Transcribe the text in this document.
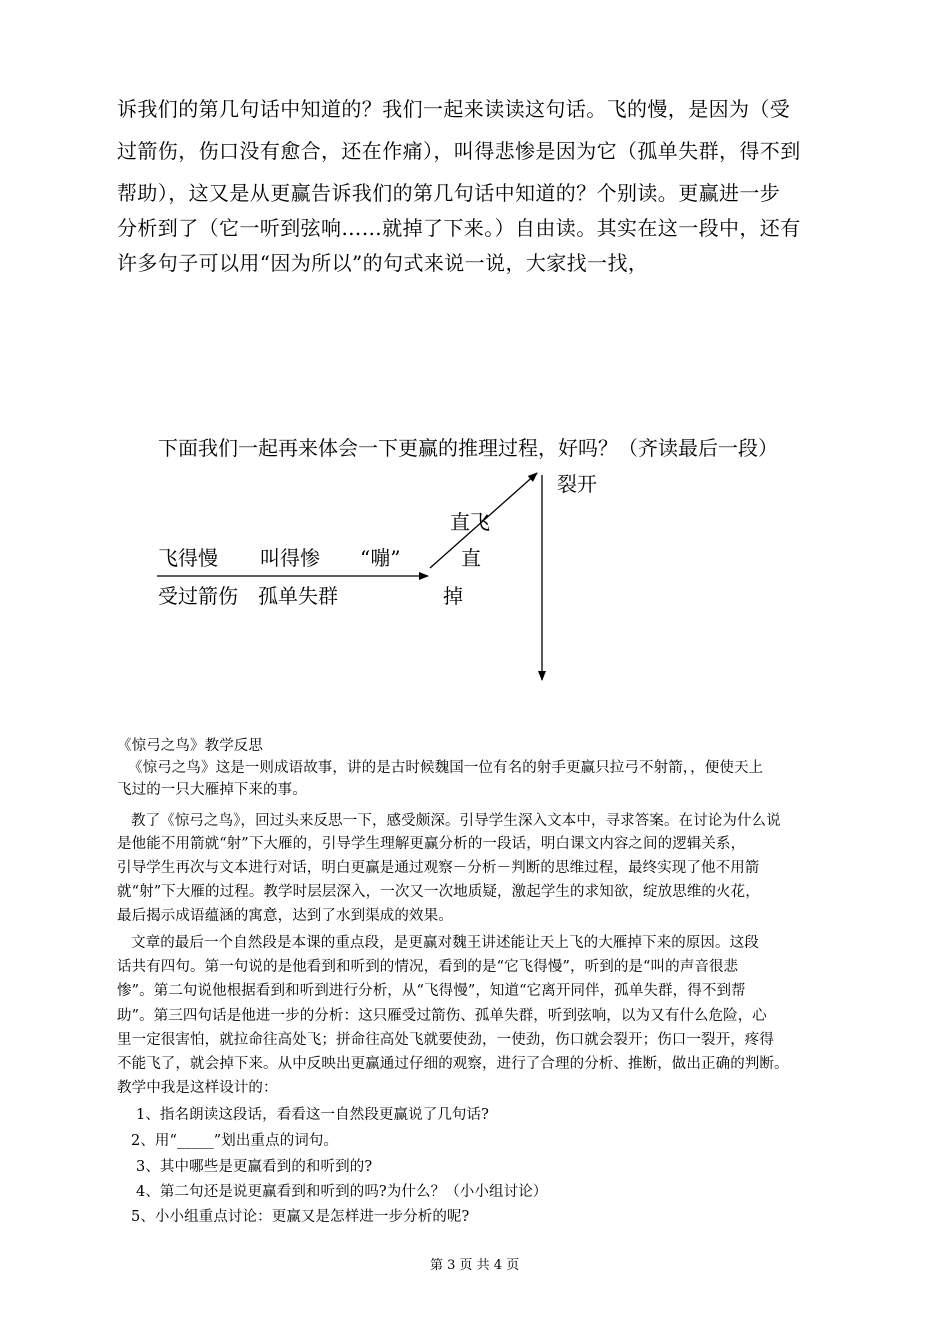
诉我们的第几句话中知道的？我们一起来读读这句话。飞的慢，是因为（受

过箭伤，伤口没有愈合，还在作痛），叫得悲惨是因为它（孤单失群，得不到

帮助），这又是从更赢告诉我们的第几句话中知道的？个别读。更赢进一步

分析到了（它一听到弦响……就掉了下来。）自由读。其实在这一段中，还有

许多句子可以用“因为所以”的句式来说一说，大家找一找，

下面我们一起再来体会一下更赢的推理过程，好吗？（齐读最后一段）

裂开

直飞

飞得慢 叫得惨 “嘣”	直

受过箭伤 孤单失群	掉

《惊弓之鸟》教学反思

《惊弓之鸟》这是一则成语故事，讲的是古时候魏国一位有名的射手更赢只拉弓不射箭，，便使天上

飞过的一只大雁掉下来的事。

教了《惊弓之鸟》，回过头来反思一下，感受颇深。引导学生深入文本中，寻求答案。在讨论为什么说

是他能不用箭就“射”下大雁的，引导学生理解更赢分析的一段话，明白课文内容之间的逻辑关系，

引导学生再次与文本进行对话，明白更赢是通过观察－分析－判断的思维过程，最终实现了他不用箭

就“射”下大雁的过程。教学时层层深入，一次又一次地质疑，激起学生的求知欲，绽放思维的火花，

最后揭示成语蕴涵的寓意，达到了水到渠成的效果。

文章的最后一个自然段是本课的重点段，是更赢对魏王讲述能让天上飞的大雁掉下来的原因。这段

话共有四句。第一句说的是他看到和听到的情况，看到的是“它飞得慢”，听到的是“叫的声音很悲

惨”。第二句说他根据看到和听到进行分析，从“飞得慢”，知道“它离开同伴，孤单失群，得不到帮

助”。第三四句话是他进一步的分析：这只雁受过箭伤、孤单失群，听到弦响，以为又有什么危险，心

里一定很害怕，就拉命往高处飞；拼命往高处飞就要使劲，一使劲，伤口就会裂开；伤口一裂开，疼得

不能飞了，就会掉下来。从中反映出更赢通过仔细的观察，进行了合理的分析、推断，做出正确的判断。

教学中我是这样设计的：

1、指名朗读这段话，看看这一自然段更赢说了几句话?

2、用“_____”划出重点的词句。

3、其中哪些是更赢看到的和听到的?

4、第二句还是说更赢看到和听到的吗?为什么？（小小组讨论）

5、小小组重点讨论：更赢又是怎样进一步分析的呢?

第 3 页 共 4 页
